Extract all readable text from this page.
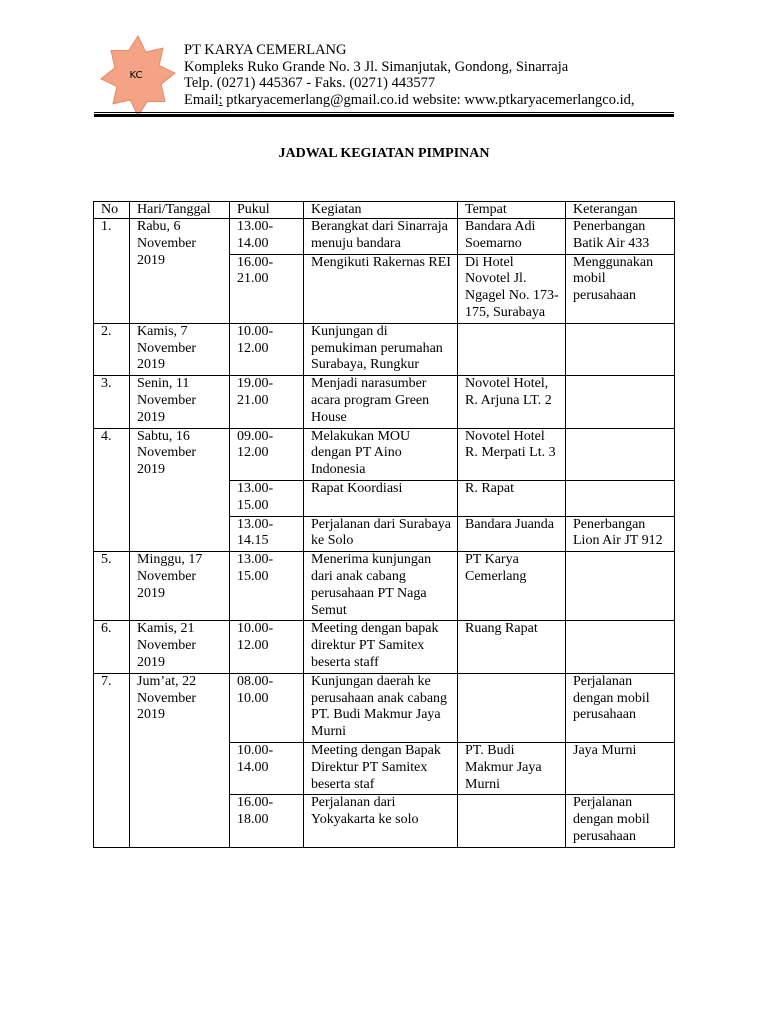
KC
PT KARYA CEMERLANG
Kompleks Ruko Grande No. 3 Jl. Simanjutak, Gondong, Sinarraja
Telp. (0271) 445367 - Faks. (0271) 443577
Email: ptkaryacemerlang@gmail.co.id website: www.ptkaryacemerlangco.id,
JADWAL KEGIATAN PIMPINAN
No	Hari/Tanggal	Pukul	Kegiatan	Tempat	Keterangan
1.	Rabu, 6 November 2019	13.00-14.00	Berangkat dari Sinarraja menuju bandara	Bandara Adi Soemarno	Penerbangan Batik Air 433
		16.00-21.00	Mengikuti Rakernas REI	Di Hotel Novotel Jl. Ngagel No. 173-175, Surabaya	Menggunakan mobil perusahaan
2.	Kamis, 7 November 2019	10.00-12.00	Kunjungan di pemukiman perumahan Surabaya, Rungkur		
3.	Senin, 11 November 2019	19.00-21.00	Menjadi narasumber acara program Green House	Novotel Hotel, R. Arjuna LT. 2	
4.	Sabtu, 16 November 2019	09.00-12.00	Melakukan MOU dengan PT Aino Indonesia	Novotel Hotel R. Merpati Lt. 3	
		13.00-15.00	Rapat Koordiasi	R. Rapat	
		13.00-14.15	Perjalanan dari Surabaya ke Solo	Bandara Juanda	Penerbangan Lion Air JT 912
5.	Minggu, 17 November 2019	13.00-15.00	Menerima kunjungan dari anak cabang perusahaan PT Naga Semut	PT Karya Cemerlang	
6.	Kamis, 21 November 2019	10.00-12.00	Meeting dengan bapak direktur PT Samitex beserta staff	Ruang Rapat	
7.	Jum’at, 22 November 2019	08.00-10.00	Kunjungan daerah ke perusahaan anak cabang PT. Budi Makmur Jaya Murni		Perjalanan dengan mobil perusahaan
		10.00-14.00	Meeting dengan Bapak Direktur PT Samitex beserta staf	PT. Budi Makmur Jaya Murni	Jaya Murni
		16.00-18.00	Perjalanan dari Yokyakarta ke solo		Perjalanan dengan mobil perusahaan
